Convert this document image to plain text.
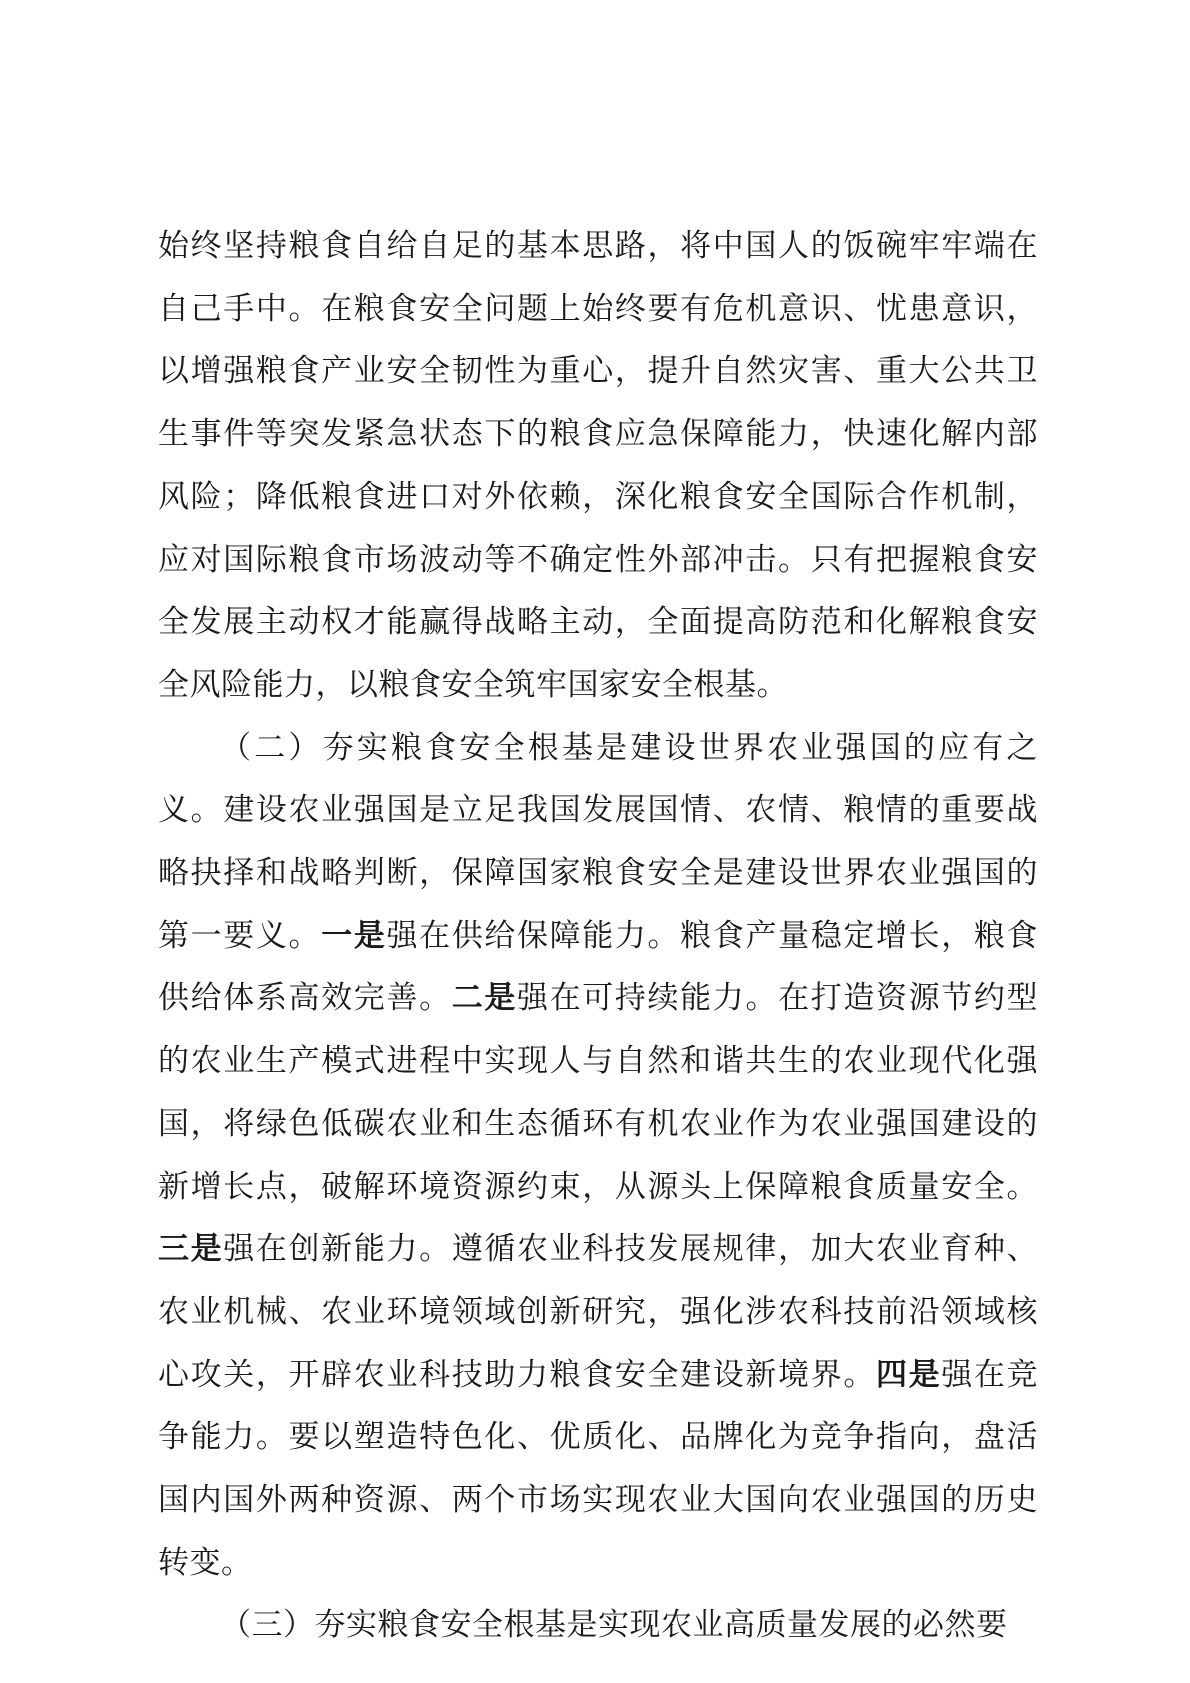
始终坚持粮食自给自足的基本思路，将中国人的饭碗牢牢端在自己手中。在粮食安全问题上始终要有危机意识、忧患意识，以增强粮食产业安全韧性为重心，提升自然灾害、重大公共卫生事件等突发紧急状态下的粮食应急保障能力，快速化解内部风险；降低粮食进口对外依赖，深化粮食安全国际合作机制，应对国际粮食市场波动等不确定性外部冲击。只有把握粮食安全发展主动权才能赢得战略主动，全面提高防范和化解粮食安全风险能力，以粮食安全筑牢国家安全根基。

（二）夯实粮食安全根基是建设世界农业强国的应有之义。建设农业强国是立足我国发展国情、农情、粮情的重要战略抉择和战略判断，保障国家粮食安全是建设世界农业强国的第一要义。一是强在供给保障能力。粮食产量稳定增长，粮食供给体系高效完善。二是强在可持续能力。在打造资源节约型的农业生产模式进程中实现人与自然和谐共生的农业现代化强国，将绿色低碳农业和生态循环有机农业作为农业强国建设的新增长点，破解环境资源约束，从源头上保障粮食质量安全。三是强在创新能力。遵循农业科技发展规律，加大农业育种、农业机械、农业环境领域创新研究，强化涉农科技前沿领域核心攻关，开辟农业科技助力粮食安全建设新境界。四是强在竞争能力。要以塑造特色化、优质化、品牌化为竞争指向，盘活国内国外两种资源、两个市场实现农业大国向农业强国的历史转变。

（三）夯实粮食安全根基是实现农业高质量发展的必然要
